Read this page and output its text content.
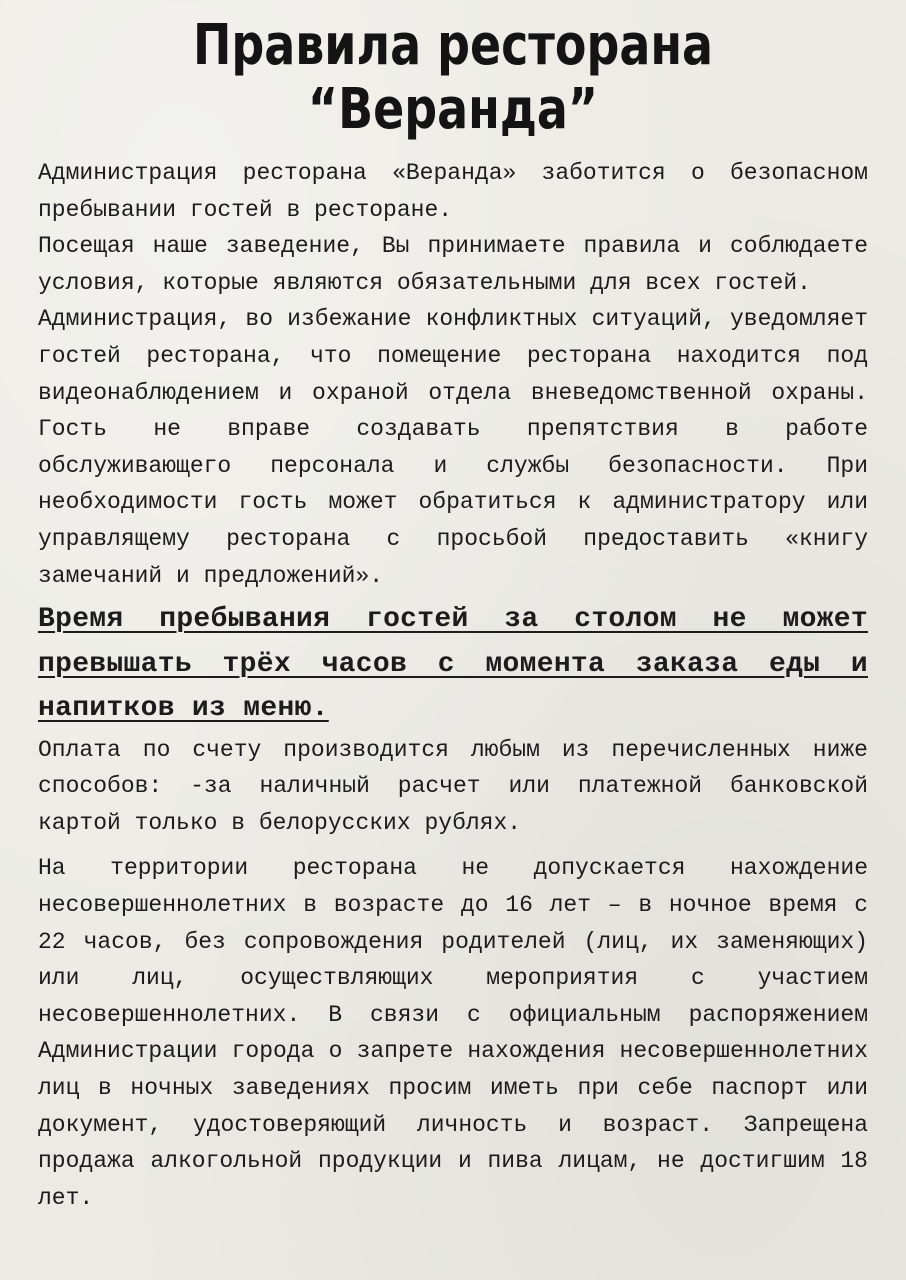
Правила ресторана
“Веранда”

Администрация ресторана «Веранда» заботится о безопасном пребывании гостей в ресторане.

Посещая наше заведение, Вы принимаете правила и соблюдаете условия, которые являются обязательными для всех гостей.

Администрация, во избежание конфликтных ситуаций, уведомляет гостей ресторана, что помещение ресторана находится под видеонаблюдением и охраной отдела вневедомственной охраны. Гость не вправе создавать препятствия в работе обслуживающего персонала и службы безопасности. При необходимости гость может обратиться к администратору или управлящему ресторана с просьбой предоставить «книгу замечаний и предложений».

Время пребывания гостей за столом не может превышать трёх часов с момента заказа еды и напитков из меню.

Оплата по счету производится любым из перечисленных ниже способов: -за наличный расчет или платежной банковской картой только в белорусских рублях.

На территории ресторана не допускается нахождение несовершеннолетних в возрасте до 16 лет – в ночное время с 22 часов, без сопровождения родителей (лиц, их заменяющих) или лиц, осуществляющих мероприятия с участием несовершеннолетних. В связи с официальным распоряжением Администрации города о запрете нахождения несовершеннолетних лиц в ночных заведениях просим иметь при себе паспорт или документ, удостоверяющий личность и возраст. Запрещена продажа алкогольной продукции и пива лицам, не достигшим 18 лет.
